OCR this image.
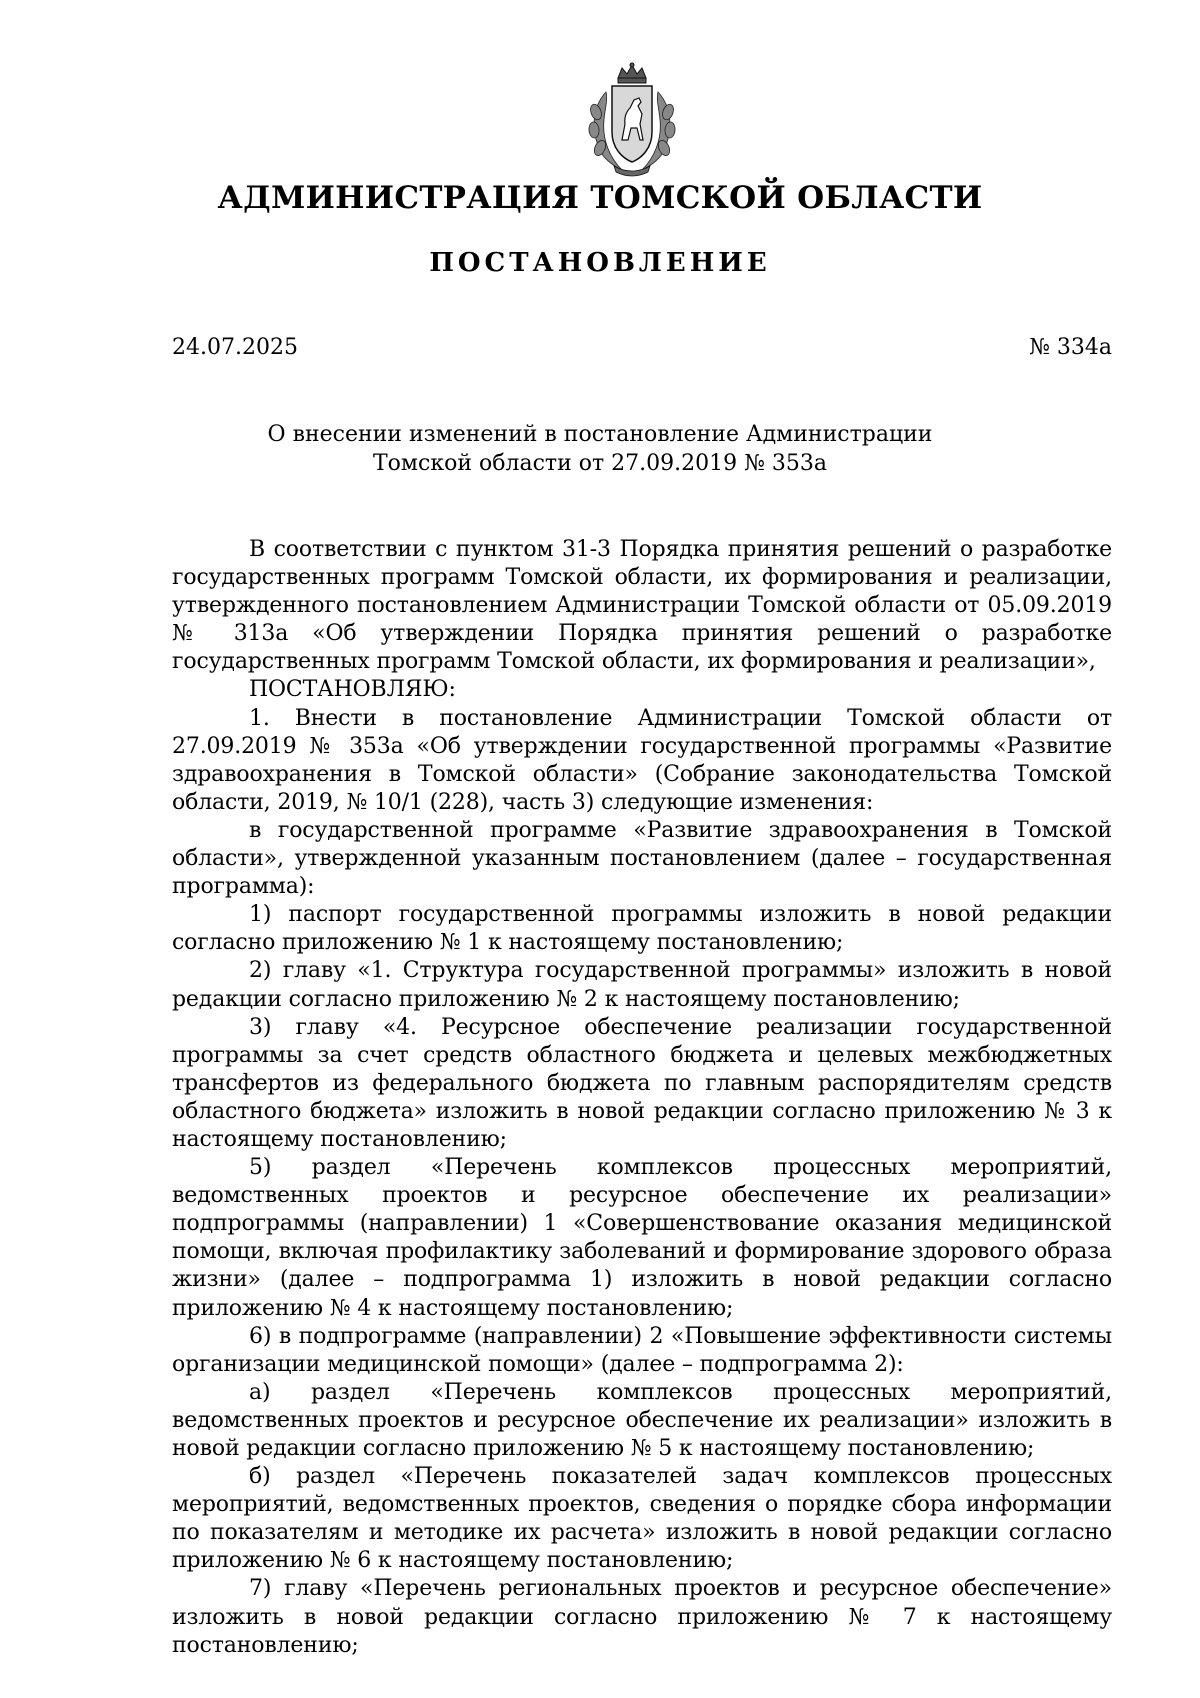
АДМИНИСТРАЦИЯ ТОМСКОЙ ОБЛАСТИ
ПОСТАНОВЛЕНИЕ
24.07.2025	№ 334а
О внесении изменений в постановление Администрации
Томской области от 27.09.2019 № 353а

В соответствии с пунктом 31-3 Порядка принятия решений о разработке государственных программ Томской области, их формирования и реализации, утвержденного постановлением Администрации Томской области от 05.09.2019 № 313а «Об утверждении Порядка принятия решений о разработке государственных программ Томской области, их формирования и реализации»,

ПОСТАНОВЛЯЮ:

1. Внести в постановление Администрации Томской области от 27.09.2019 № 353а «Об утверждении государственной программы «Развитие здравоохранения в Томской области» (Собрание законодательства Томской области, 2019, № 10/1 (228), часть 3) следующие изменения:

в государственной программе «Развитие здравоохранения в Томской области», утвержденной указанным постановлением (далее – государственная программа):

1) паспорт государственной программы изложить в новой редакции согласно приложению № 1 к настоящему постановлению;

2) главу «1. Структура государственной программы» изложить в новой редакции согласно приложению № 2 к настоящему постановлению;

3) главу «4. Ресурсное обеспечение реализации государственной программы за счет средств областного бюджета и целевых межбюджетных трансфертов из федерального бюджета по главным распорядителям средств областного бюджета» изложить в новой редакции согласно приложению № 3 к настоящему постановлению;

5) раздел «Перечень комплексов процессных мероприятий, ведомственных проектов и ресурсное обеспечение их реализации» подпрограммы (направлении) 1 «Совершенствование оказания медицинской помощи, включая профилактику заболеваний и формирование здорового образа жизни» (далее – подпрограмма 1) изложить в новой редакции согласно приложению № 4 к настоящему постановлению;

6) в подпрограмме (направлении) 2 «Повышение эффективности системы организации медицинской помощи» (далее – подпрограмма 2):

а) раздел «Перечень комплексов процессных мероприятий, ведомственных проектов и ресурсное обеспечение их реализации» изложить в новой редакции согласно приложению № 5 к настоящему постановлению;

б) раздел «Перечень показателей задач комплексов процессных мероприятий, ведомственных проектов, сведения о порядке сбора информации по показателям и методике их расчета» изложить в новой редакции согласно приложению № 6 к настоящему постановлению;

7) главу «Перечень региональных проектов и ресурсное обеспечение» изложить в новой редакции согласно приложению № 7 к настоящему постановлению;
